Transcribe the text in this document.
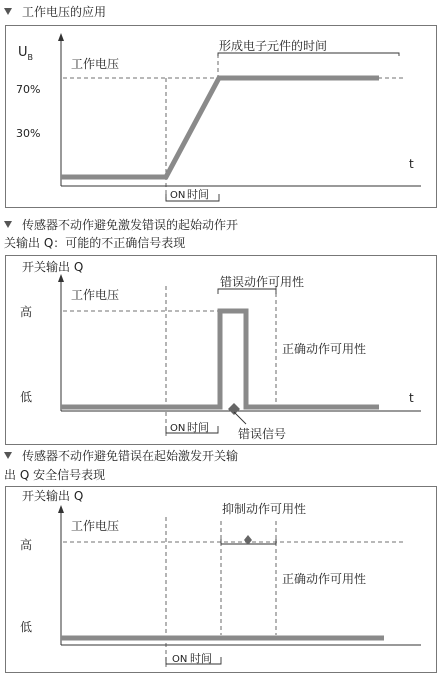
工作电压的应用
$U_B$
70%
30%
t
形成电子元件的时间
工作电压
ON 时间
传感器不动作避免激发错误的起始动作开
关输出 Q：可能的不正确信号表现
开关输出 Q
高
低	t
错误动作可用性
工作电压
正确动作可用性
错误信号
ON 时间
传感器不动作避免错误在起始激发开关输
出 Q 安全信号表现
开关输出 Q
高
低
抑制动作可用性
工作电压
正确动作可用性
ON 时间
